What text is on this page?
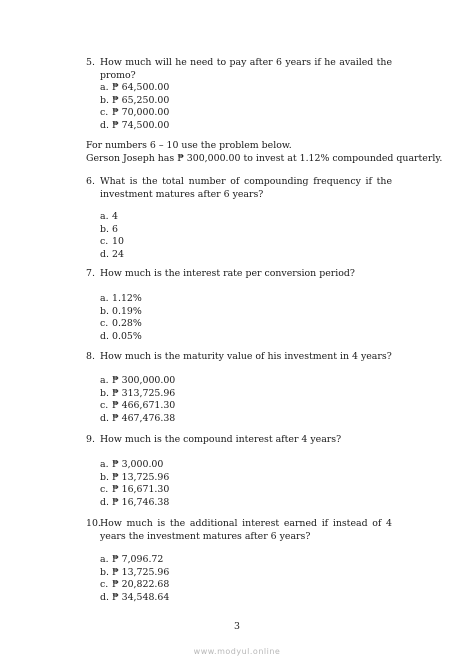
5. How much will he need to pay after 6 years if he availed the promo?
a. ₱ 64,500.00
b. ₱ 65,250.00
c. ₱ 70,000.00
d. ₱ 74,500.00
For numbers 6 – 10 use the problem below.
Gerson Joseph has ₱ 300,000.00 to invest at 1.12% compounded quarterly.
6. What is the total number of compounding frequency if the investment matures after 6 years?
a. 4
b. 6
c. 10
d. 24
7. How much is the interest rate per conversion period?
a. 1.12%
b. 0.19%
c. 0.28%
d. 0.05%
8. How much is the maturity value of his investment in 4 years?
a. ₱ 300,000.00
b. ₱ 313,725.96
c. ₱ 466,671.30
d. ₱ 467,476.38
9. How much is the compound interest after 4 years?
a. ₱ 3,000.00
b. ₱ 13,725.96
c. ₱ 16,671.30
d. ₱ 16,746.38
10. How much is the additional interest earned if instead of 4 years the investment matures after 6 years?
a. ₱ 7,096.72
b. ₱ 13,725.96
c. ₱ 20,822.68
d. ₱ 34,548.64
3
www.modyul.online
